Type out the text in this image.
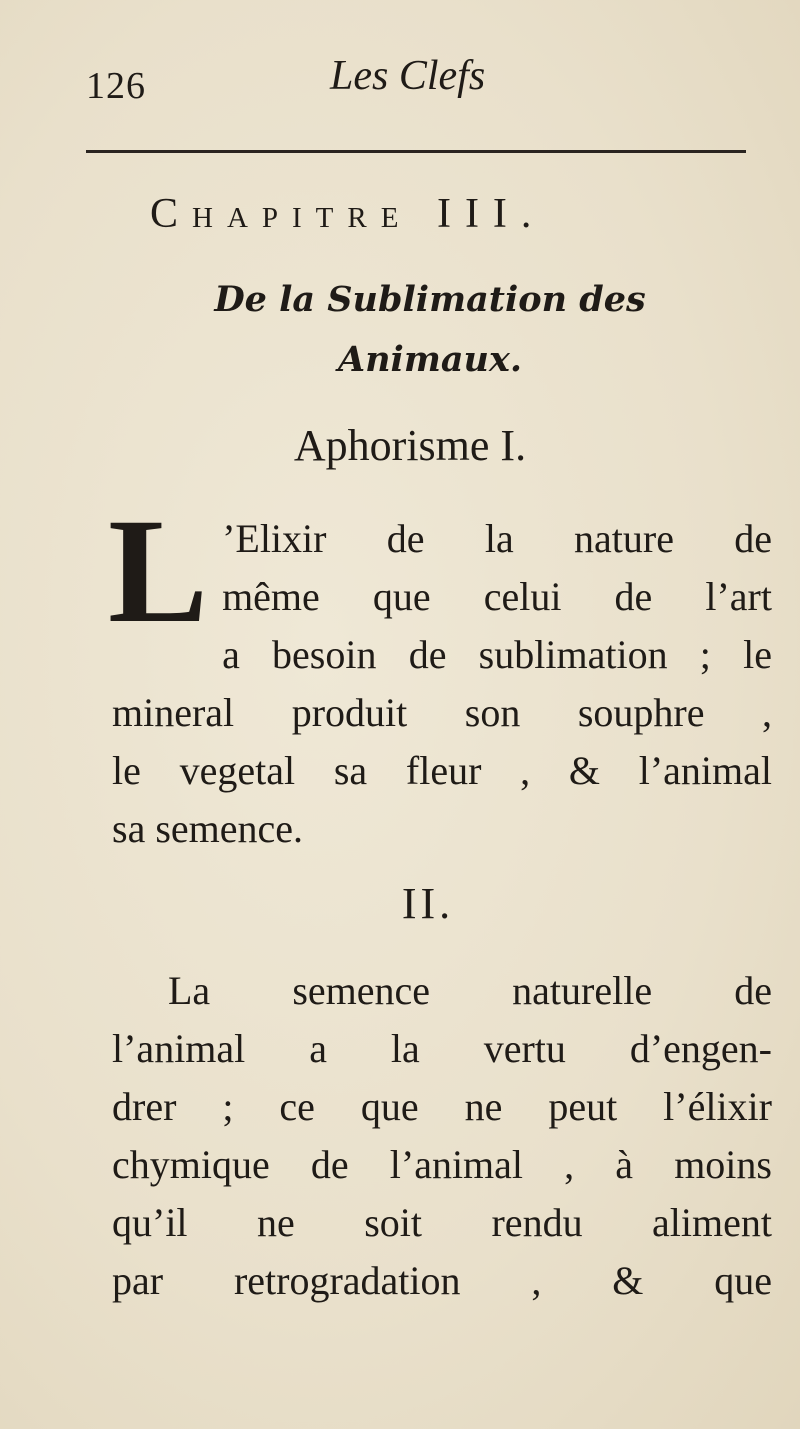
126	Les Clefs
Chapitre III.
De la Sublimation des
Animaux.
Aphorisme I.
L ’Elixir de la nature de
même que celui de l’art
a besoin de sublimation ; le
mineral produit son souphre ,
le vegetal sa fleur , & l’animal
sa semence.
II.
La semence naturelle de
l’animal a la vertu d’engen-
drer ; ce que ne peut l’élixir
chymique de l’animal , à moins
qu’il ne soit rendu aliment
par retrogradation , & que
